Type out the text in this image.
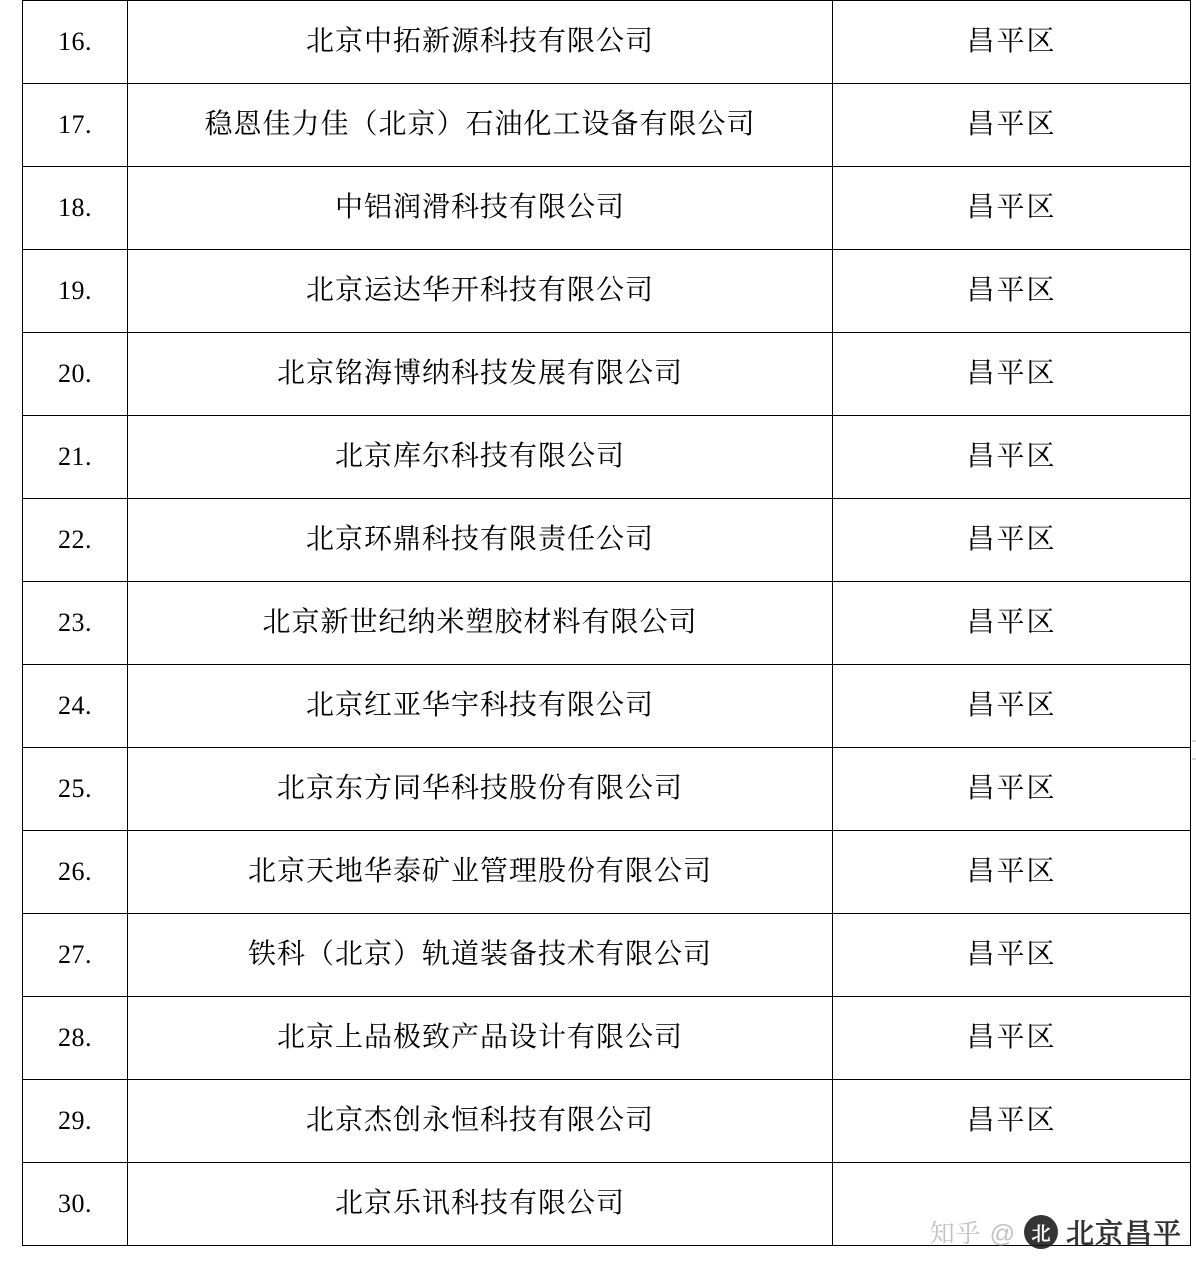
16.	北京中拓新源科技有限公司	昌平区
17.	稳恩佳力佳（北京）石油化工设备有限公司	昌平区
18.	中铝润滑科技有限公司	昌平区
19.	北京运达华开科技有限公司	昌平区
20.	北京铭海博纳科技发展有限公司	昌平区
21.	北京库尔科技有限公司	昌平区
22.	北京环鼎科技有限责任公司	昌平区
23.	北京新世纪纳米塑胶材料有限公司	昌平区
24.	北京红亚华宇科技有限公司	昌平区
25.	北京东方同华科技股份有限公司	昌平区
26.	北京天地华泰矿业管理股份有限公司	昌平区
27.	铁科（北京）轨道装备技术有限公司	昌平区
28.	北京上品极致产品设计有限公司	昌平区
29.	北京杰创永恒科技有限公司	昌平区
30.	北京乐讯科技有限公司	
知乎 @ 北 北京昌平
